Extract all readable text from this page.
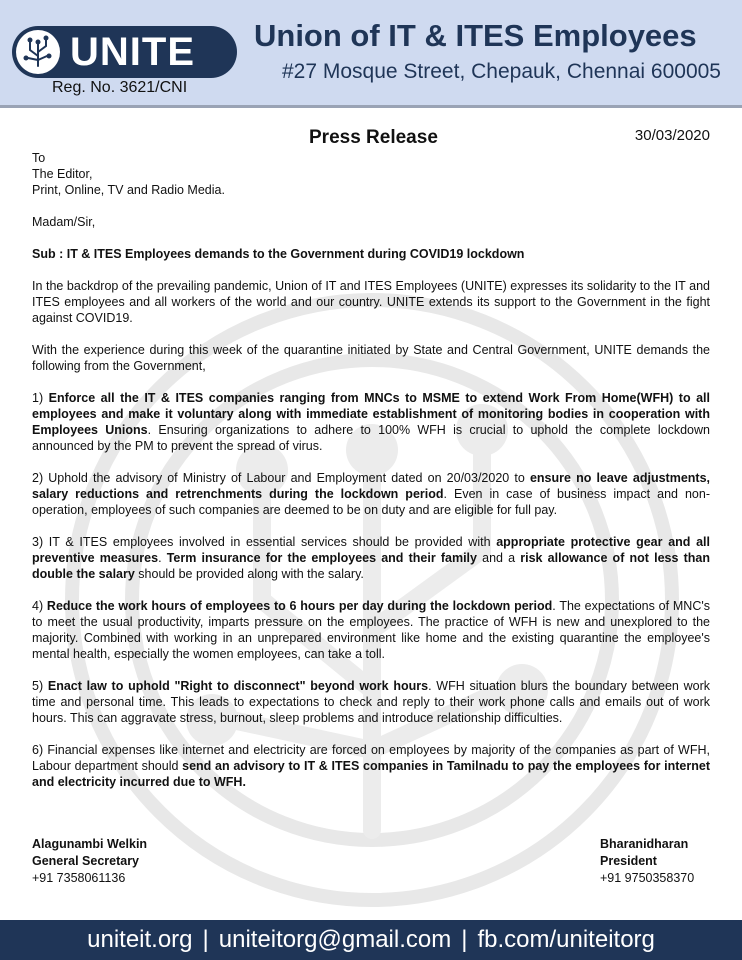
UNITE
Reg. No. 3621/CNI
Union of IT & ITES Employees
#27 Mosque Street, Chepauk, Chennai 600005
Press Release	30/03/2020

To

The Editor,

Print, Online, TV and Radio Media.

Madam/Sir,

Sub : IT & ITES Employees demands to the Government during COVID19 lockdown

In the backdrop of the prevailing pandemic, Union of IT and ITES Employees (UNITE) expresses its solidarity to the IT and ITES employees and all workers of the world and our country. UNITE extends its support to the Government in the fight against COVID19.

With the experience during this week of the quarantine initiated by State and Central Government, UNITE demands the following from the Government,

1) Enforce all the IT & ITES companies ranging from MNCs to MSME to extend Work From Home(WFH) to all employees and make it voluntary along with immediate establishment of monitoring bodies in cooperation with Employees Unions. Ensuring organizations to adhere to 100% WFH is crucial to uphold the complete lockdown announced by the PM to prevent the spread of virus.

2) Uphold the advisory of Ministry of Labour and Employment dated on 20/03/2020 to ensure no leave adjustments, salary reductions and retrenchments during the lockdown period. Even in case of business impact and non-operation, employees of such companies are deemed to be on duty and are eligible for full pay.

3) IT & ITES employees involved in essential services should be provided with appropriate protective gear and all preventive measures. Term insurance for the employees and their family and a risk allowance of not less than double the salary should be provided along with the salary.

4) Reduce the work hours of employees to 6 hours per day during the lockdown period. The expectations of MNC's to meet the usual productivity, imparts pressure on the employees. The practice of WFH is new and unexplored to the majority. Combined with working in an unprepared environment like home and the existing quarantine the employee's mental health, especially the women employees, can take a toll.

5) Enact law to uphold "Right to disconnect" beyond work hours. WFH situation blurs the boundary between work time and personal time. This leads to expectations to check and reply to their work phone calls and emails out of work hours. This can aggravate stress, burnout, sleep problems and introduce relationship difficulties.

6) Financial expenses like internet and electricity are forced on employees by majority of the companies as part of WFH, Labour department should send an advisory to IT & ITES companies in Tamilnadu to pay the employees for internet and electricity incurred due to WFH.

Alagunambi Welkin
General Secretary
+91 7358061136
Bharanidharan
President
+91 9750358370
uniteit.org | uniteitorg@gmail.com | fb.com/uniteitorg
